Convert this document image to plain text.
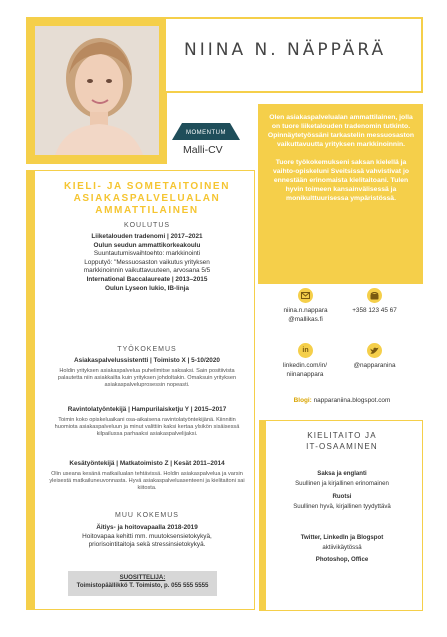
NIINA N. NÄPPÄRÄ
MOMENTUM
Malli-CV
Olen asiakaspalvelualan ammattilainen, jolla on tuore liiketalouden tradenomin tutkinto. Opinnäytetyössäni tarkastelin messuosaston vaikuttavuutta yrityksen markkinoinnin.
Tuore työkokemukseni saksan kielellä ja vaihto-opiskeluni Sveitsissä vahvistivat jo ennestään erinomaista kielitaitoani. Tulen hyvin toimeen kansainvälisessä ja monikulttuurisessa ympäristössä.
KIELI- JA SOMETAITOINEN ASIAKASPALVELUALAN AMMATTILAINEN
KOULUTUS
Liiketalouden tradenomi | 2017–2021
Oulun seudun ammattikorkeakoulu
Suuntautumisvaihtoehto: markkinointi
Lopputyö: "Messuosaston vaikutus yrityksen
markkinoinnin vaikuttavuuteen, arvosana 5/5
International Baccalaureate | 2013–2015
Oulun Lyseon lukio, IB-linja
TYÖKOKEMUS
Asiakaspalvelussistentti | Toimisto X | 5-10/2020
Holdin yrityksen asiakaspalvelua puhelimitse saksaksi. Sain positiivista palautetta niin asiakkailta kuin yrityksen johdoltakin. Omaksuin yrityksen asiakaspalveluprosessin nopeasti.
Ravintolatyöntekijä | Hampurilaisketju Y | 2015–2017
Toimin koko opiskeluaikani osa-aikaisena ravintolatyöntekijänä. Kiinnitin huomiota asiakaspalveluun ja minut valittiin kaksi kertaa ylsikön sisäisessä kilpailussa parhaaksi asiakaspalvelijaksi.
Kesätyöntekijä | Matkatoimisto Z | Kesät 2011–2014
Olin useana kesänä matkailualan tehtävissä. Holdin asiakaspalvelua ja varsin yleisestä matkailuneuvonnasta. Hyvä asiakaspalveluasenteeni ja kielitaitoni sai kiitosta.
MUU KOKEMUS
Äitiys- ja hoitovapaalla 2018-2019
Hoitovapaa kehitti mm. muutoksensietokykyä,
priorisointitaitoja sekä stressinsietokykyä.
SUOSITTELIJA:
Toimistopäällikkö T. Toimisto, p. 055 555 5555
niina.n.nappara
@mallikas.fi
+358 123 45 67
in
linkedin.com/in/
niinanappara
@napparanina
Blogi: napparaniina.blogspot.com
KIELITAITO JA
IT-OSAAMINEN
Saksa ja englanti
Suullinen ja kirjallinen erinomainen
Ruotsi
Suullinen hyvä, kirjallinen tyydyttävä
Twitter, LinkedIn ja Blogspot
aktiivikäytössä
Photoshop, Office
